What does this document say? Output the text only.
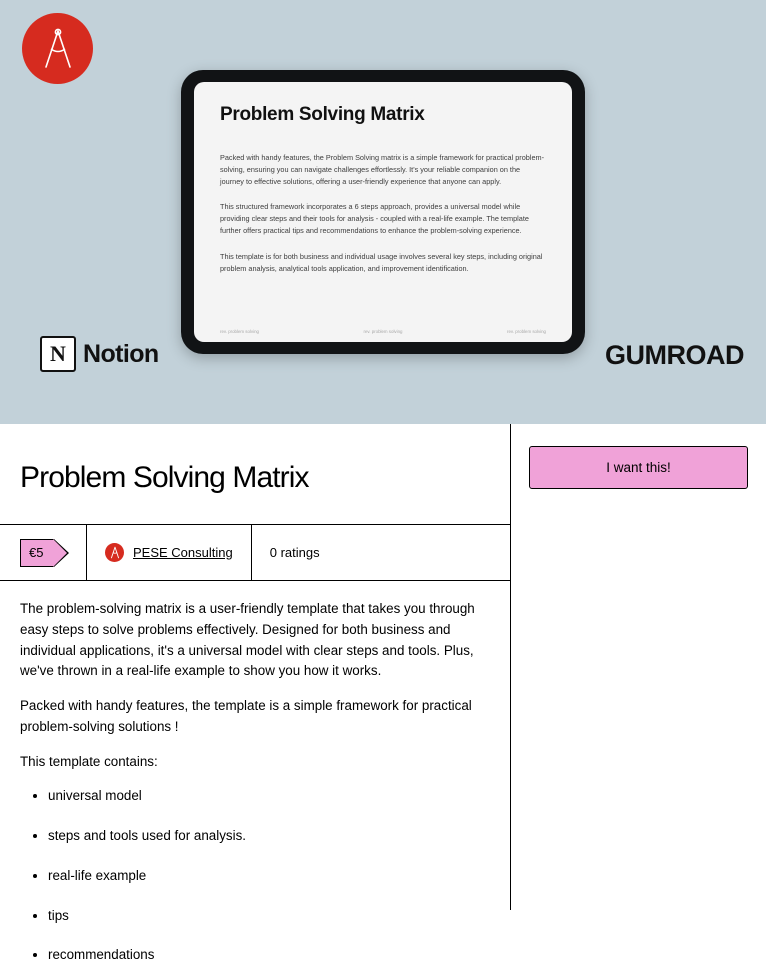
Problem Solving Matrix

Packed with handy features, the Problem Solving matrix is a simple framework for practical problem-solving, ensuring you can navigate challenges effortlessly. It's your reliable companion on the journey to effective solutions, offering a user-friendly experience that anyone can apply.

This structured framework incorporates a 6 steps approach, provides a universal model while providing clear steps and their tools for analysis - coupled with a real-life example. The template further offers practical tips and recommendations to enhance the problem-solving experience.

This template is for both business and individual usage involves several key steps, including original problem analysis, analytical tools application, and improvement identification.

rev. problem solving	rev. problem solving	rev. problem solving
N Notion	GUMROAD
Problem Solving Matrix
€5	PESE Consulting	0 ratings

The problem-solving matrix is a user-friendly template that takes you through easy steps to solve problems effectively. Designed for both business and individual applications, it's a universal model with clear steps and tools. Plus, we've thrown in a real-life example to show you how it works.

Packed with handy features, the template is a simple framework for practical problem-solving solutions !

This template contains:

• universal model
• steps and tools used for analysis.
• real-life example
• tips
• recommendations
I want this!
